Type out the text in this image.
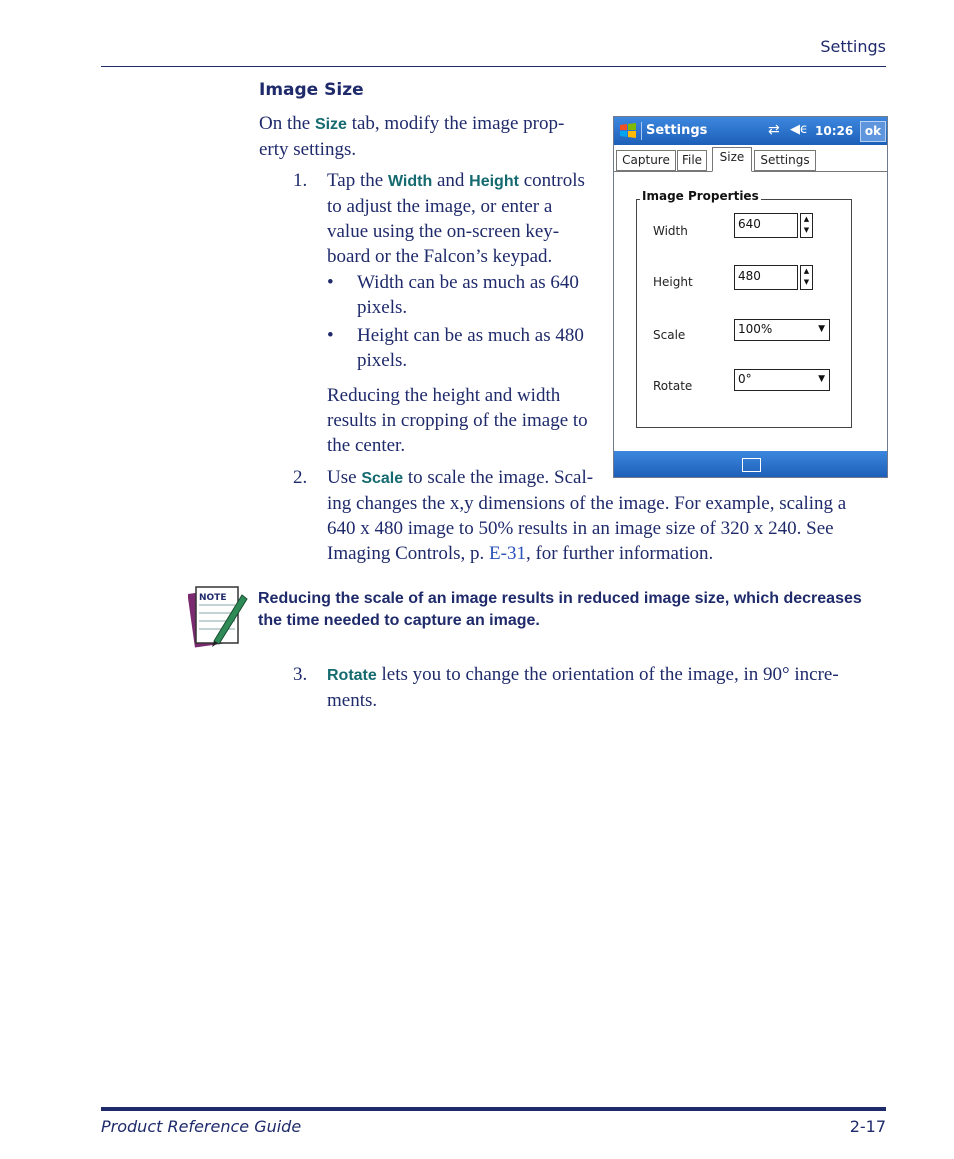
Settings
Image Size
On the Size tab, modify the image prop-
erty settings.
1. Tap the Width and Height controls
to adjust the image, or enter a
value using the on-screen key-
board or the Falcon’s keypad.
• Width can be as much as 640
pixels.
• Height can be as much as 480
pixels.
Reducing the height and width
results in cropping of the image to
the center.
2. Use Scale to scale the image. Scal-
ing changes the x,y dimensions of the image. For example, scaling a
640 x 480 image to 50% results in an image size of 320 x 240. See
Imaging Controls, p. E-31, for further information.
Settings	⇄ ◀ϵ 10:26 ok
Capture	File	Size	Settings
Image Properties
Width	640	▲
▼
Height	480	▲
▼
Scale	100%	▼
Rotate	0°	▼
NOTE Reducing the scale of an image results in reduced image size, which decreases
the time needed to capture an image.
3. Rotate lets you to change the orientation of the image, in 90° incre-
ments.
Product Reference Guide	2-17
